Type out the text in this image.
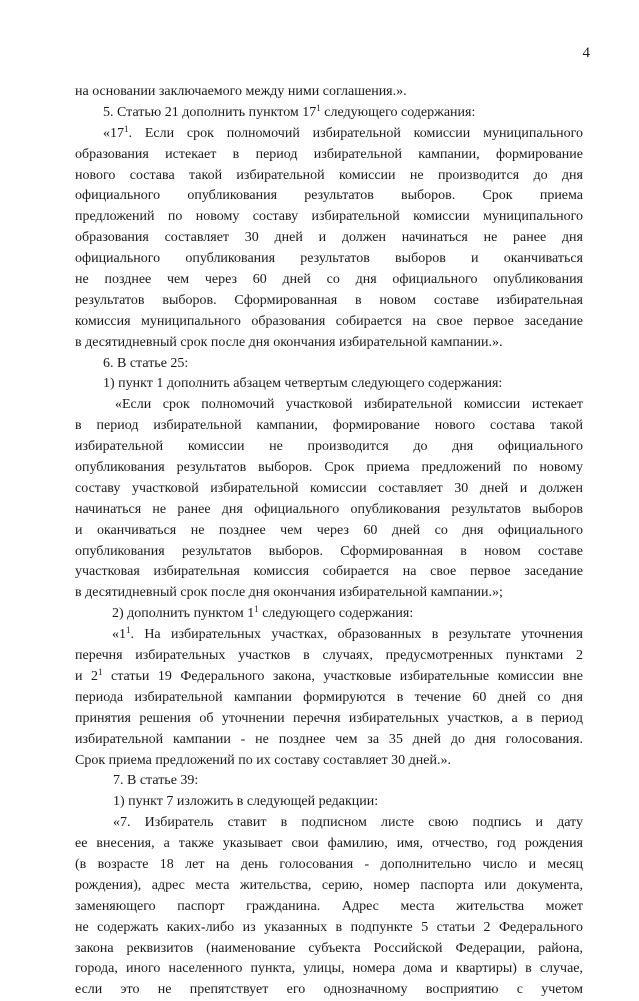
4
на основании заключаемого между ними соглашения.».
5. Статью 21 дополнить пунктом $17^1$ следующего содержания:
«$17^1$. Если срок полномочий избирательной комиссии муниципального
образования истекает в период избирательной кампании, формирование
нового состава такой избирательной комиссии не производится до дня
официального опубликования результатов выборов. Срок приема
предложений по новому составу избирательной комиссии муниципального
образования составляет 30 дней и должен начинаться не ранее дня
официального опубликования результатов выборов и оканчиваться
не позднее чем через 60 дней со дня официального опубликования
результатов выборов. Сформированная в новом составе избирательная
комиссия муниципального образования собирается на свое первое заседание
в десятидневный срок после дня окончания избирательной кампании.».
6. В статье 25:
1) пункт 1 дополнить абзацем четвертым следующего содержания:
«Если срок полномочий участковой избирательной комиссии истекает
в период избирательной кампании, формирование нового состава такой
избирательной комиссии не производится до дня официального
опубликования результатов выборов. Срок приема предложений по новому
составу участковой избирательной комиссии составляет 30 дней и должен
начинаться не ранее дня официального опубликования результатов выборов
и оканчиваться не позднее чем через 60 дней со дня официального
опубликования результатов выборов. Сформированная в новом составе
участковая избирательная комиссия собирается на свое первое заседание
в десятидневный срок после дня окончания избирательной кампании.»;
2) дополнить пунктом $1^1$ следующего содержания:
«$1^1$. На избирательных участках, образованных в результате уточнения
перечня избирательных участков в случаях, предусмотренных пунктами 2
и $2^1$ статьи 19 Федерального закона, участковые избирательные комиссии вне
периода избирательной кампании формируются в течение 60 дней со дня
принятия решения об уточнении перечня избирательных участков, а в период
избирательной кампании - не позднее чем за 35 дней до дня голосования.
Срок приема предложений по их составу составляет 30 дней.».
7. В статье 39:
1) пункт 7 изложить в следующей редакции:
«7. Избиратель ставит в подписном листе свою подпись и дату
ее внесения, а также указывает свои фамилию, имя, отчество, год рождения
(в возрасте 18 лет на день голосования - дополнительно число и месяц
рождения), адрес места жительства, серию, номер паспорта или документа,
заменяющего паспорт гражданина. Адрес места жительства может
не содержать каких-либо из указанных в подпункте 5 статьи 2 Федерального
закона реквизитов (наименование субъекта Российской Федерации, района,
города, иного населенного пункта, улицы, номера дома и квартиры) в случае,
если это не препятствует его однозначному восприятию с учетом
